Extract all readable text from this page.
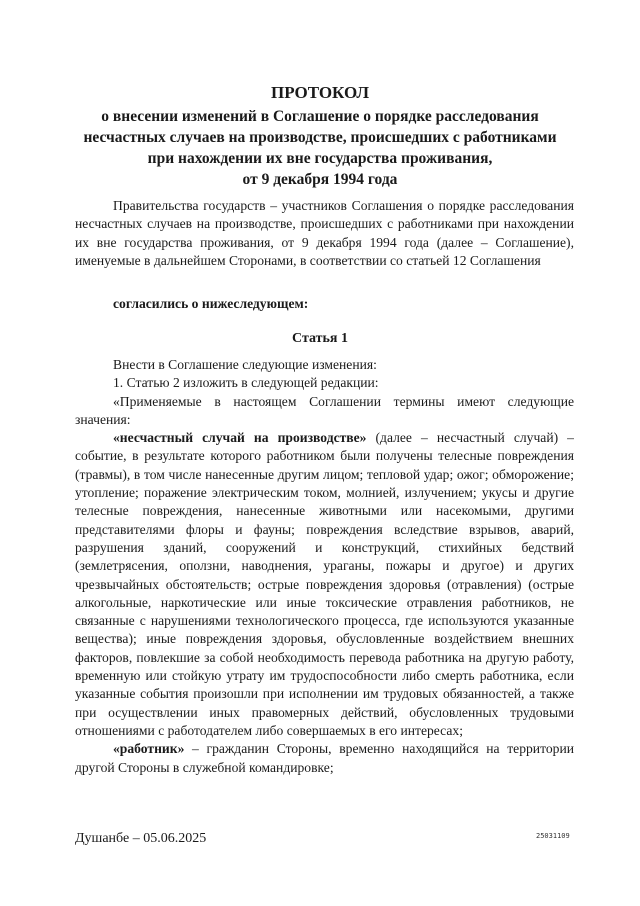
ПРОТОКОЛ
о внесении изменений в Соглашение о порядке расследования
несчастных случаев на производстве, происшедших с работниками
при нахождении их вне государства проживания,
от 9 декабря 1994 года

Правительства государств – участников Соглашения о порядке расследования несчастных случаев на производстве, происшедших с работниками при нахождении их вне государства проживания, от 9 декабря 1994 года (далее – Соглашение), именуемые в дальнейшем Сторонами, в соответствии со статьей 12 Соглашения

согласились о нижеследующем:
Статья 1

Внести в Соглашение следующие изменения:

1. Статью 2 изложить в следующей редакции:

«Применяемые в настоящем Соглашении термины имеют следующие значения:

«несчастный случай на производстве» (далее – несчастный случай) – событие, в результате которого работником были получены телесные повреждения (травмы), в том числе нанесенные другим лицом; тепловой удар; ожог; обморожение; утопление; поражение электрическим током, молнией, излучением; укусы и другие телесные повреждения, нанесенные животными или насекомыми, другими представителями флоры и фауны; повреждения вследствие взрывов, аварий, разрушения зданий, сооружений и конструкций, стихийных бедствий (землетрясения, оползни, наводнения, ураганы, пожары и другое) и других чрезвычайных обстоятельств; острые повреждения здоровья (отравления) (острые алкогольные, наркотические или иные токсические отравления работников, не связанные с нарушениями технологического процесса, где используются указанные вещества); иные повреждения здоровья, обусловленные воздействием внешних факторов, повлекшие за собой необходимость перевода работника на другую работу, временную или стойкую утрату им трудоспособности либо смерть работника, если указанные события произошли при исполнении им трудовых обязанностей, а также при осуществлении иных правомерных действий, обусловленных трудовыми отношениями с работодателем либо совершаемых в его интересах;

«работник» – гражданин Стороны, временно находящийся на территории другой Стороны в служебной командировке;

Душанбе – 05.06.2025	25031109
